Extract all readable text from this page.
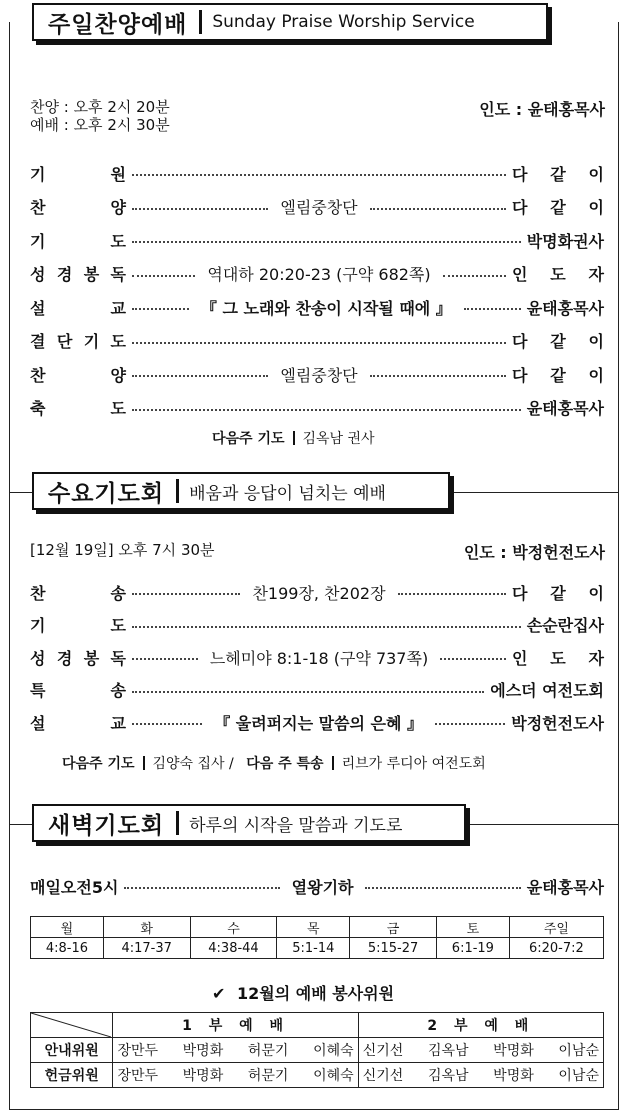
주일찬양예배 Sunday Praise Worship Service
찬양 : 오후 2시 20분
예배 : 오후 2시 30분
인도 : 윤태홍목사
기	원	다 같 이
찬	양	엘림중창단	다 같 이
기	도	박명화권사
성 경 봉 독	역대하 20:20-23 (구약 682쪽)	인 도 자
설	교	『 그 노래와 찬송이 시작될 때에 』	윤태홍목사
결 단 기 도	다 같 이
찬	양	엘림중창단	다 같 이
축	도	윤태홍목사
다음주 기도 김옥남 권사
수요기도회 배움과 응답이 넘치는 예배
[12월 19일] 오후 7시 30분	인도 : 박정헌전도사
찬	송	찬199장, 찬202장	다 같 이
기	도	손순란집사
성 경 봉 독	느헤미야 8:1-18 (구약 737쪽)	인 도 자
특	송	에스더 여전도회
설	교	『 울려퍼지는 말씀의 은혜 』	박정헌전도사
다음주 기도 김양숙 집사 / 다음 주 특송 리브가 루디아 여전도회
새벽기도회 하루의 시작을 말씀과 기도로
매일오전5시	열왕기하	윤태홍목사
월	화	수	목	금	토	주일
4:8-16	4:17-37	4:38-44	5:1-14	5:15-27	6:1-19	6:20-7:2
✔ 12월의 예배 봉사위원
	1 부 예 배	2 부 예 배
안내위원	장만두 박명화 허문기 이혜숙	신기선 김옥남 박명화 이남순

헌금위원	장만두 박명화 허문기 이혜숙	신기선 김옥남 박명화 이남순
